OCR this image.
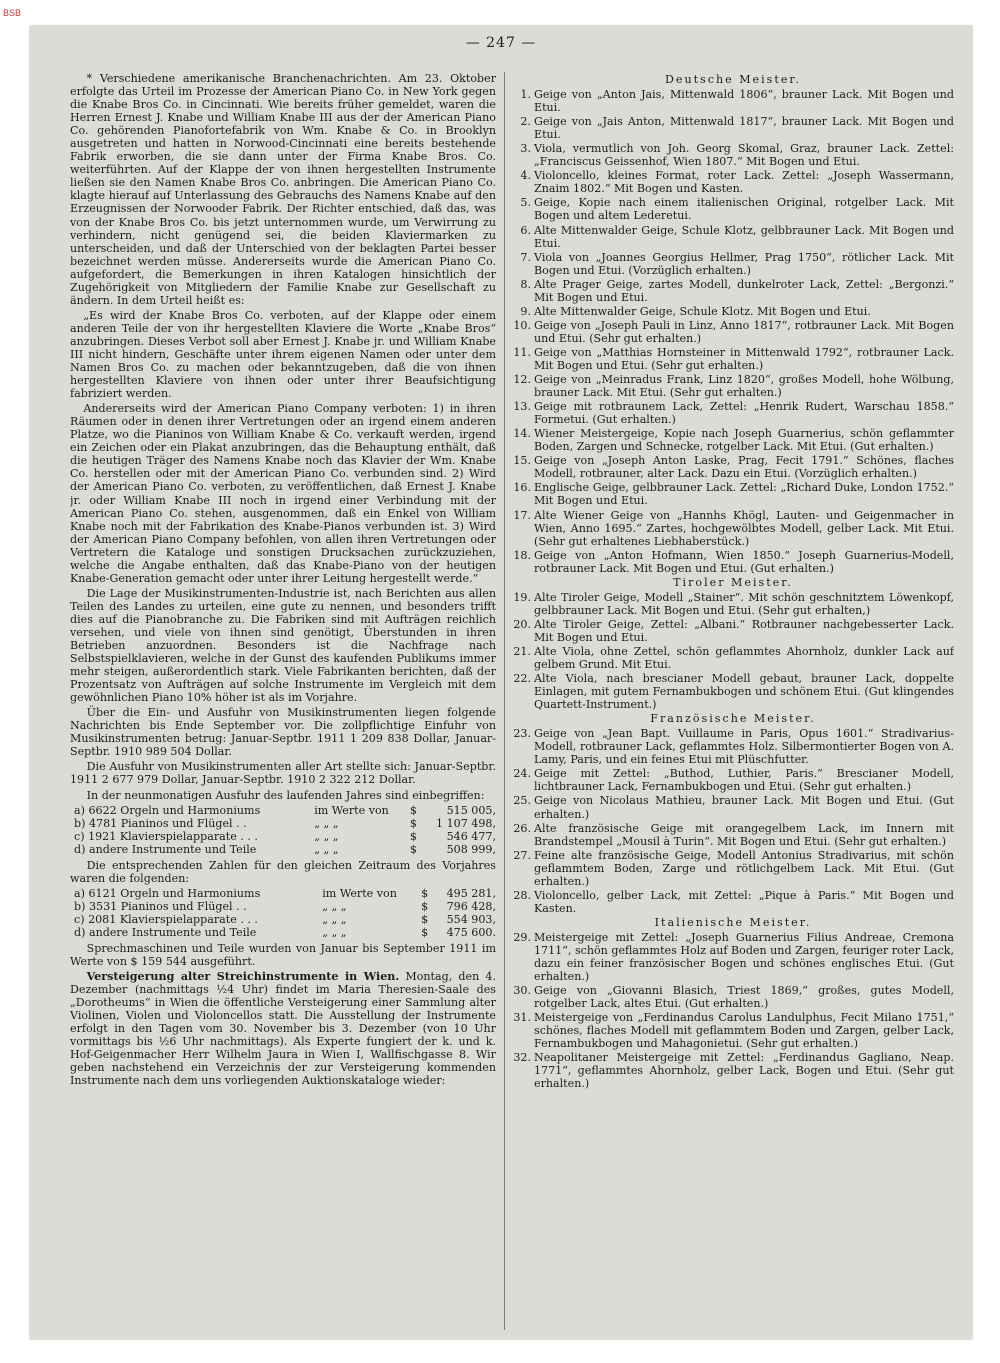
BSB
— 247 —

* Verschiedene amerikanische Branchenachrichten. Am 23. Oktober erfolgte das Urteil im Prozesse der American Piano Co. in New York gegen die Knabe Bros Co. in Cincinnati. Wie bereits früher gemeldet, waren die Herren Ernest J. Knabe und William Knabe III aus der der American Piano Co. gehörenden Pianofortefabrik von Wm. Knabe & Co. in Brooklyn ausgetreten und hatten in Norwood-Cincinnati eine bereits bestehende Fabrik erworben, die sie dann unter der Firma Knabe Bros. Co. weiterführten. Auf der Klappe der von ihnen hergestellten Instrumente ließen sie den Namen Knabe Bros Co. anbringen. Die American Piano Co. klagte hierauf auf Unterlassung des Gebrauchs des Namens Knabe auf den Erzeugnissen der Norwooder Fabrik. Der Richter entschied, daß das, was von der Knabe Bros Co. bis jetzt unternommen wurde, um Verwirrung zu verhindern, nicht genügend sei, die beiden Klaviermarken zu unterscheiden, und daß der Unterschied von der beklagten Partei besser bezeichnet werden müsse. Andererseits wurde die American Piano Co. aufgefordert, die Bemerkungen in ihren Katalogen hinsichtlich der Zugehörigkeit von Mitgliedern der Familie Knabe zur Gesellschaft zu ändern. In dem Urteil heißt es:

„Es wird der Knabe Bros Co. verboten, auf der Klappe oder einem anderen Teile der von ihr hergestellten Klaviere die Worte „Knabe Bros“ anzubringen. Dieses Verbot soll aber Ernest J. Knabe jr. und William Knabe III nicht hindern, Geschäfte unter ihrem eigenen Namen oder unter dem Namen Bros Co. zu machen oder bekanntzugeben, daß die von ihnen hergestellten Klaviere von ihnen oder unter ihrer Beaufsichtigung fabriziert werden.

Andererseits wird der American Piano Company verboten: 1) in ihren Räumen oder in denen ihrer Vertretungen oder an irgend einem anderen Platze, wo die Pianinos von William Knabe & Co. verkauft werden, irgend ein Zeichen oder ein Plakat anzubringen, das die Behauptung enthält, daß die heutigen Träger des Namens Knabe noch das Klavier der Wm. Knabe Co. herstellen oder mit der American Piano Co. verbunden sind. 2) Wird der American Piano Co. verboten, zu veröffentlichen, daß Ernest J. Knabe jr. oder William Knabe III noch in irgend einer Verbindung mit der American Piano Co. stehen, ausgenommen, daß ein Enkel von William Knabe noch mit der Fabrikation des Knabe-Pianos verbunden ist. 3) Wird der American Piano Company befohlen, von allen ihren Vertretungen oder Vertretern die Kataloge und sonstigen Drucksachen zurückzuziehen, welche die Angabe enthalten, daß das Knabe-Piano von der heutigen Knabe-Generation gemacht oder unter ihrer Leitung hergestellt werde.“

Die Lage der Musikinstrumenten-Industrie ist, nach Berichten aus allen Teilen des Landes zu urteilen, eine gute zu nennen, und besonders trifft dies auf die Pianobranche zu. Die Fabriken sind mit Aufträgen reichlich versehen, und viele von ihnen sind genötigt, Überstunden in ihren Betrieben anzuordnen. Besonders ist die Nachfrage nach Selbstspielklavieren, welche in der Gunst des kaufenden Publikums immer mehr steigen, außerordentlich stark. Viele Fabrikanten berichten, daß der Prozentsatz von Aufträgen auf solche Instrumente im Vergleich mit dem gewöhnlichen Piano 10% höher ist als im Vorjahre.

Über die Ein- und Ausfuhr von Musikinstrumenten liegen folgende Nachrichten bis Ende September vor. Die zollpflichtige Einfuhr von Musikinstrumenten betrug: Januar-Septbr. 1911 1 209 838 Dollar, Januar-Septbr. 1910 989 504 Dollar.

Die Ausfuhr von Musikinstrumenten aller Art stellte sich: Januar-Septbr. 1911 2 677 979 Dollar, Januar-Septbr. 1910 2 322 212 Dollar.

In der neunmonatigen Ausfuhr des laufenden Jahres sind einbegriffen:

a) 6622 Orgeln und Harmoniums	im Werte von	$	515 005,
b) 4781 Pianinos und Flügel . .	„ „ „	$	1 107 498,
c) 1921 Klavierspielapparate . . .	„ „ „	$	546 477,
d) andere Instrumente und Teile	„ „ „	$	508 999,

Die entsprechenden Zahlen für den gleichen Zeitraum des Vorjahres waren die folgenden:

a) 6121 Orgeln und Harmoniums	im Werte von	$	495 281,
b) 3531 Pianinos und Flügel . .	„ „ „	$	796 428,
c) 2081 Klavierspielapparate . . .	„ „ „	$	554 903,
d) andere Instrumente und Teile	„ „ „	$	475 600.

Sprechmaschinen und Teile wurden von Januar bis September 1911 im Werte von $ 159 544 ausgeführt.

Versteigerung alter Streichinstrumente in Wien. Montag, den 4. Dezember (nachmittags ½4 Uhr) findet im Maria Theresien-Saale des „Dorotheums“ in Wien die öffentliche Versteigerung einer Sammlung alter Violinen, Violen und Violoncellos statt. Die Ausstellung der Instrumente erfolgt in den Tagen vom 30. November bis 3. Dezember (von 10 Uhr vormittags bis ½6 Uhr nachmittags). Als Experte fungiert der k. und k. Hof-Geigenmacher Herr Wilhelm Jaura in Wien I, Wallfischgasse 8. Wir geben nachstehend ein Verzeichnis der zur Versteigerung kommenden Instrumente nach dem uns vorliegenden Auktionskataloge wieder:

Deutsche Meister.
1. Geige von „Anton Jais, Mittenwald 1806“, brauner Lack. Mit Bogen und Etui.
2. Geige von „Jais Anton, Mittenwald 1817“, brauner Lack. Mit Bogen und Etui.
3. Viola, vermutlich von Joh. Georg Skomal, Graz, brauner Lack. Zettel: „Franciscus Geissenhof, Wien 1807.“ Mit Bogen und Etui.
4. Violoncello, kleines Format, roter Lack. Zettel: „Joseph Wassermann, Znaim 1802.“ Mit Bogen und Kasten.
5. Geige, Kopie nach einem italienischen Original, rotgelber Lack. Mit Bogen und altem Lederetui.
6. Alte Mittenwalder Geige, Schule Klotz, gelbbrauner Lack. Mit Bogen und Etui.
7. Viola von „Joannes Georgius Hellmer, Prag 1750“, rötlicher Lack. Mit Bogen und Etui. (Vorzüglich erhalten.)
8. Alte Prager Geige, zartes Modell, dunkelroter Lack, Zettel: „Bergonzi.“ Mit Bogen und Etui.
9. Alte Mittenwalder Geige, Schule Klotz. Mit Bogen und Etui.
10. Geige von „Joseph Pauli in Linz, Anno 1817“, rotbrauner Lack. Mit Bogen und Etui. (Sehr gut erhalten.)
11. Geige von „Matthias Hornsteiner in Mittenwald 1792“, rotbrauner Lack. Mit Bogen und Etui. (Sehr gut erhalten.)
12. Geige von „Meinradus Frank, Linz 1820“, großes Modell, hohe Wölbung, brauner Lack. Mit Etui. (Sehr gut erhalten.)
13. Geige mit rotbraunem Lack, Zettel: „Henrik Rudert, Warschau 1858.“ Formetui. (Gut erhalten.)
14. Wiener Meistergeige, Kopie nach Joseph Guarnerius, schön geflammter Boden, Zargen und Schnecke, rotgelber Lack. Mit Etui. (Gut erhalten.)
15. Geige von „Joseph Anton Laske, Prag, Fecit 1791.“ Schönes, flaches Modell, rotbrauner, alter Lack. Dazu ein Etui. (Vorzüglich erhalten.)
16. Englische Geige, gelbbrauner Lack. Zettel: „Richard Duke, London 1752.“ Mit Bogen und Etui.
17. Alte Wiener Geige von „Hannhs Khögl, Lauten- und Geigenmacher in Wien, Anno 1695.“ Zartes, hochgewölbtes Modell, gelber Lack. Mit Etui. (Sehr gut erhaltenes Liebhaberstück.)
18. Geige von „Anton Hofmann, Wien 1850.“ Joseph Guarnerius-Modell, rotbrauner Lack. Mit Bogen und Etui. (Gut erhalten.)
Tiroler Meister.
19. Alte Tiroler Geige, Modell „Stainer“. Mit schön geschnitztem Löwenkopf, gelbbrauner Lack. Mit Bogen und Etui. (Sehr gut erhalten,)
20. Alte Tiroler Geige, Zettel: „Albani.“ Rotbrauner nachgebesserter Lack. Mit Bogen und Etui.
21. Alte Viola, ohne Zettel, schön geflammtes Ahornholz, dunkler Lack auf gelbem Grund. Mit Etui.
22. Alte Viola, nach brescianer Modell gebaut, brauner Lack, doppelte Einlagen, mit gutem Fernambukbogen und schönem Etui. (Gut klingendes Quartett-Instrument.)
Französische Meister.
23. Geige von „Jean Bapt. Vuillaume in Paris, Opus 1601.“ Stradivarius-Modell, rotbrauner Lack, geflammtes Holz. Silbermontierter Bogen von A. Lamy, Paris, und ein feines Etui mit Plüschfutter.
24. Geige mit Zettel: „Buthod, Luthier, Paris.“ Brescianer Modell, lichtbrauner Lack, Fernambukbogen und Etui. (Sehr gut erhalten.)
25. Geige von Nicolaus Mathieu, brauner Lack. Mit Bogen und Etui. (Gut erhalten.)
26. Alte französische Geige mit orangegelbem Lack, im Innern mit Brandstempel „Mousil à Turin“. Mit Bogen und Etui. (Sehr gut erhalten.)
27. Feine alte französische Geige, Modell Antonius Stradivarius, mit schön geflammtem Boden, Zarge und rötlichgelbem Lack. Mit Etui. (Gut erhalten.)
28. Violoncello, gelber Lack, mit Zettel: „Pique à Paris.“ Mit Bogen und Kasten.
Italienische Meister.
29. Meistergeige mit Zettel: „Joseph Guarnerius Filius Andreae, Cremona 1711“, schön geflammtes Holz auf Boden und Zargen, feuriger roter Lack, dazu ein feiner französischer Bogen und schönes englisches Etui. (Gut erhalten.)
30. Geige von „Giovanni Blasich, Triest 1869,“ großes, gutes Modell, rotgelber Lack, altes Etui. (Gut erhalten.)
31. Meistergeige von „Ferdinandus Carolus Landulphus, Fecit Milano 1751,“ schönes, flaches Modell mit geflammtem Boden und Zargen, gelber Lack, Fernambukbogen und Mahagonietui. (Sehr gut erhalten.)
32. Neapolitaner Meistergeige mit Zettel: „Ferdinandus Gagliano, Neap. 1771“, geflammtes Ahornholz, gelber Lack, Bogen und Etui. (Sehr gut erhalten.)
